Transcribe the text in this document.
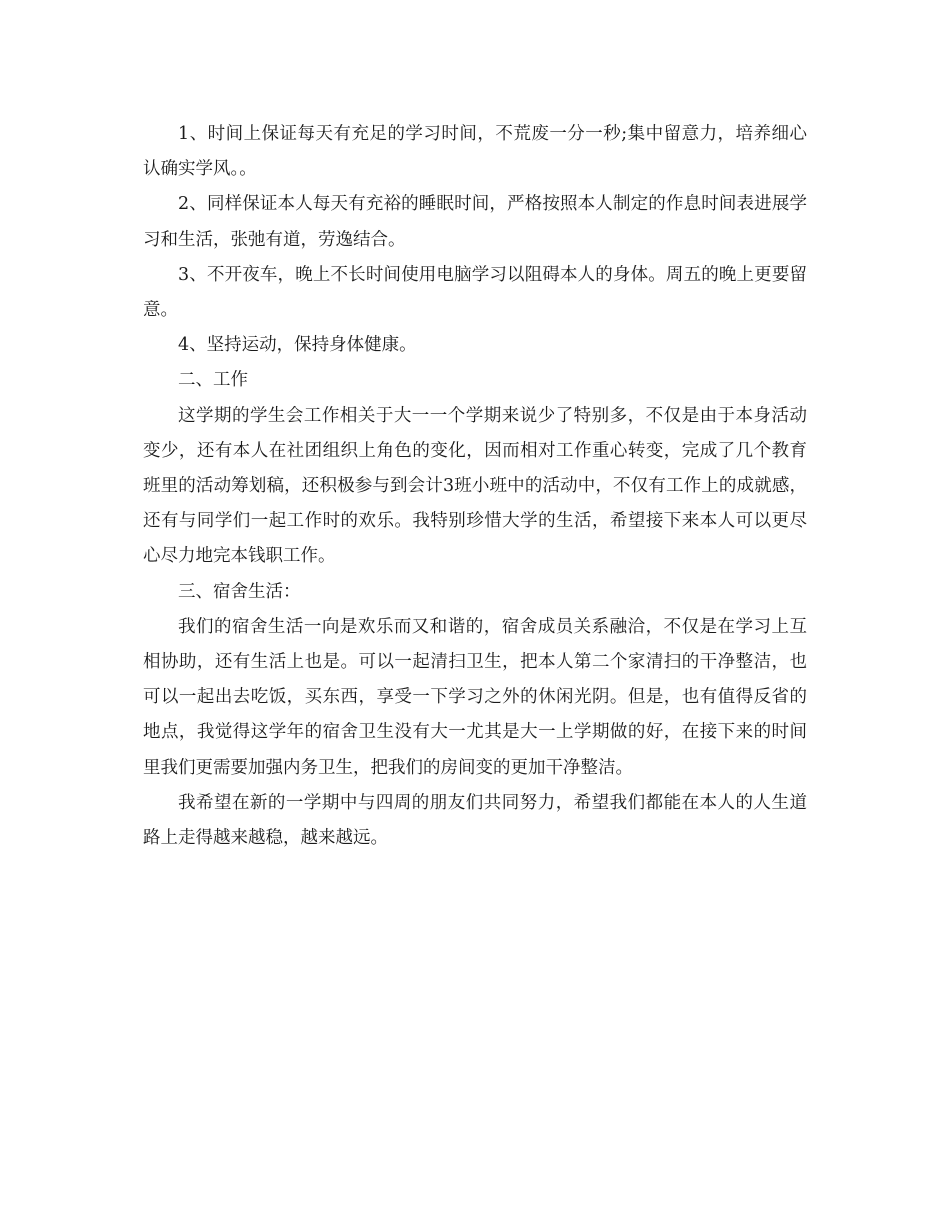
1、时间上保证每天有充足的学习时间，不荒废一分一秒;集中留意力，培养细心认确实学风。。

2、同样保证本人每天有充裕的睡眠时间，严格按照本人制定的作息时间表进展学习和生活，张弛有道，劳逸结合。

3、不开夜车，晚上不长时间使用电脑学习以阻碍本人的身体。周五的晚上更要留意。

4、坚持运动，保持身体健康。

二、工作

这学期的学生会工作相关于大一一个学期来说少了特别多，不仅是由于本身活动变少，还有本人在社团组织上角色的变化，因而相对工作重心转变，完成了几个教育班里的活动筹划稿，还积极参与到会计3班小班中的活动中，不仅有工作上的成就感，还有与同学们一起工作时的欢乐。我特别珍惜大学的生活，希望接下来本人可以更尽心尽力地完本钱职工作。

三、宿舍生活：

我们的宿舍生活一向是欢乐而又和谐的，宿舍成员关系融洽，不仅是在学习上互相协助，还有生活上也是。可以一起清扫卫生，把本人第二个家清扫的干净整洁，也可以一起出去吃饭，买东西，享受一下学习之外的休闲光阴。但是，也有值得反省的地点，我觉得这学年的宿舍卫生没有大一尤其是大一上学期做的好，在接下来的时间里我们更需要加强内务卫生，把我们的房间变的更加干净整洁。

我希望在新的一学期中与四周的朋友们共同努力，希望我们都能在本人的人生道路上走得越来越稳，越来越远。
